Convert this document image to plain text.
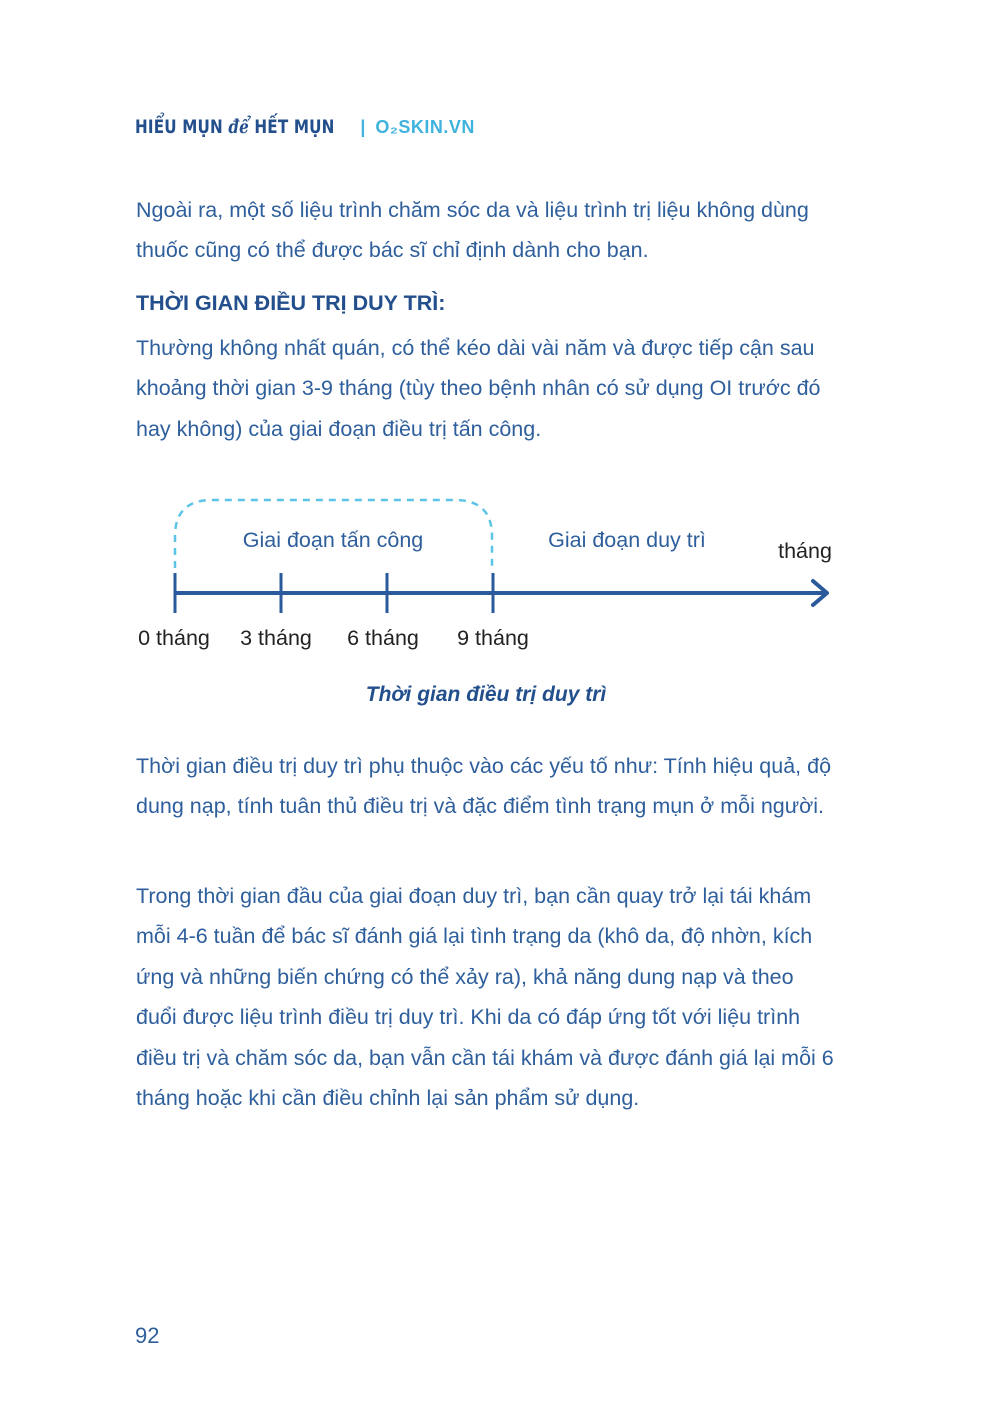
HIỂU MỤN để HẾT MỤN | O₂SKIN.VN

Ngoài ra, một số liệu trình chăm sóc da và liệu trình trị liệu không dùng thuốc cũng có thể được bác sĩ chỉ định dành cho bạn.

THỜI GIAN ĐIỀU TRỊ DUY TRÌ:

Thường không nhất quán, có thể kéo dài vài năm và được tiếp cận sau khoảng thời gian 3-9 tháng (tùy theo bệnh nhân có sử dụng OI trước đó hay không) của giai đoạn điều trị tấn công.

Giai đoạn tấn công	Giai đoạn duy trì	tháng
0 tháng 3 tháng 6 tháng 9 tháng
Thời gian điều trị duy trì

Thời gian điều trị duy trì phụ thuộc vào các yếu tố như: Tính hiệu quả, độ dung nạp, tính tuân thủ điều trị và đặc điểm tình trạng mụn ở mỗi người.

Trong thời gian đầu của giai đoạn duy trì, bạn cần quay trở lại tái khám mỗi 4-6 tuần để bác sĩ đánh giá lại tình trạng da (khô da, độ nhờn, kích ứng và những biến chứng có thể xảy ra), khả năng dung nạp và theo đuổi được liệu trình điều trị duy trì. Khi da có đáp ứng tốt với liệu trình điều trị và chăm sóc da, bạn vẫn cần tái khám và được đánh giá lại mỗi 6 tháng hoặc khi cần điều chỉnh lại sản phẩm sử dụng.

92
